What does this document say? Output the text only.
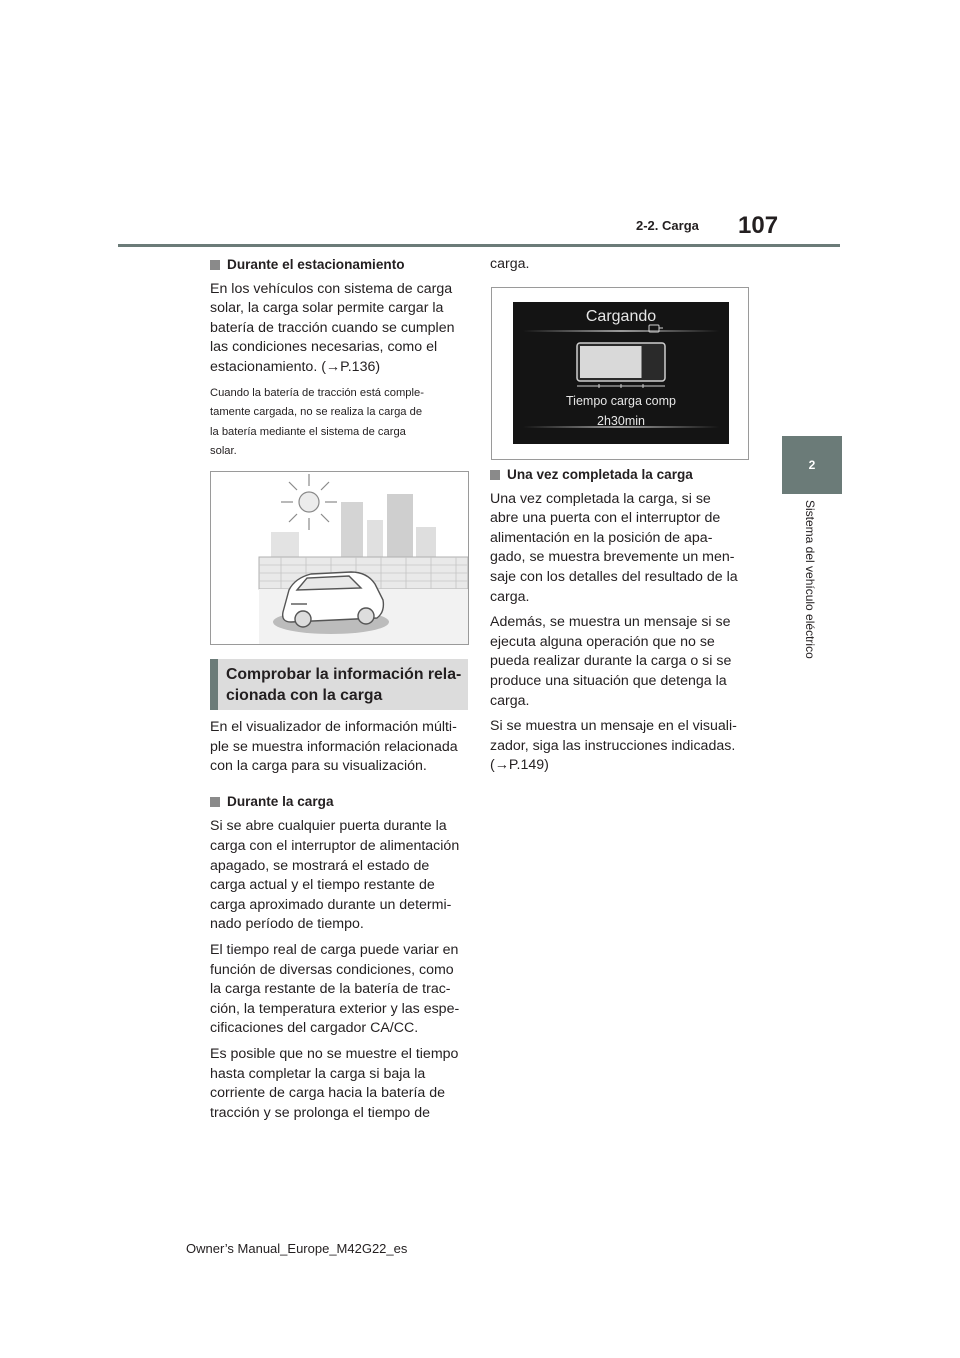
2-2. Carga 107
2
Sistema del vehículo eléctrico
Durante el estacionamiento

En los vehículos con sistema de carga
solar, la carga solar permite cargar la
batería de tracción cuando se cumplen
las condiciones necesarias, como el
estacionamiento. (→P.136)

Cuando la batería de tracción está comple-
tamente cargada, no se realiza la carga de
la batería mediante el sistema de carga
solar.

Comprobar la información rela-
cionada con la carga

En el visualizador de información múlti-
ple se muestra información relacionada
con la carga para su visualización.

Durante la carga

Si se abre cualquier puerta durante la
carga con el interruptor de alimentación
apagado, se mostrará el estado de
carga actual y el tiempo restante de
carga aproximado durante un determi-
nado período de tiempo.

El tiempo real de carga puede variar en
función de diversas condiciones, como
la carga restante de la batería de trac-
ción, la temperatura exterior y las espe-
cificaciones del cargador CA/CC.

Es posible que no se muestre el tiempo
hasta completar la carga si baja la
corriente de carga hacia la batería de
tracción y se prolonga el tiempo de

carga.

Cargando
Tiempo carga comp
2h30min
Una vez completada la carga

Una vez completada la carga, si se
abre una puerta con el interruptor de
alimentación en la posición de apa-
gado, se muestra brevemente un men-
saje con los detalles del resultado de la
carga.

Además, se muestra un mensaje si se
ejecuta alguna operación que no se
pueda realizar durante la carga o si se
produce una situación que detenga la
carga.

Si se muestra un mensaje en el visuali-
zador, siga las instrucciones indicadas.
(→P.149)

Owner’s Manual_Europe_M42G22_es
